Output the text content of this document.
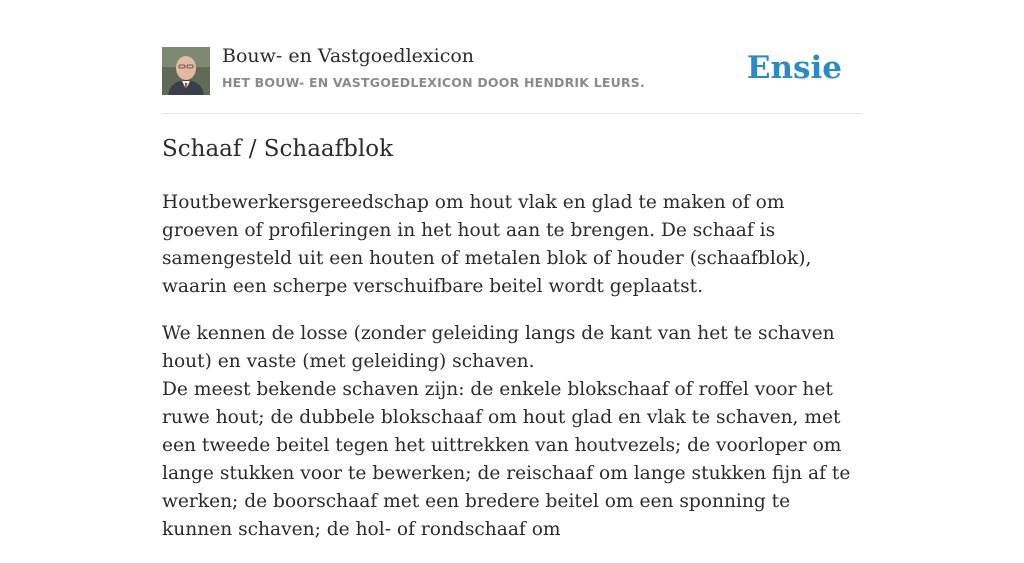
Bouw- en Vastgoedlexicon
HET BOUW- EN VASTGOEDLEXICON DOOR HENDRIK LEURS.	Ensie
Schaaf / Schaafblok

Houtbewerkersgereedschap om hout vlak en glad te maken of om groeven of profileringen in het hout aan te brengen. De schaaf is samengesteld uit een houten of metalen blok of houder (schaafblok), waarin een scherpe verschuifbare beitel wordt geplaatst.

We kennen de losse (zonder geleiding langs de kant van het te schaven hout) en vaste (met geleiding) schaven.
De meest bekende schaven zijn: de enkele blokschaaf of roffel voor het ruwe hout; de dubbele blokschaaf om hout glad en vlak te schaven, met een tweede beitel tegen het uittrekken van houtvezels; de voorloper om lange stukken voor te bewerken; de reischaaf om lange stukken fijn af te werken; de boorschaaf met een bredere beitel om een sponning te kunnen schaven; de hol- of rondschaaf om
